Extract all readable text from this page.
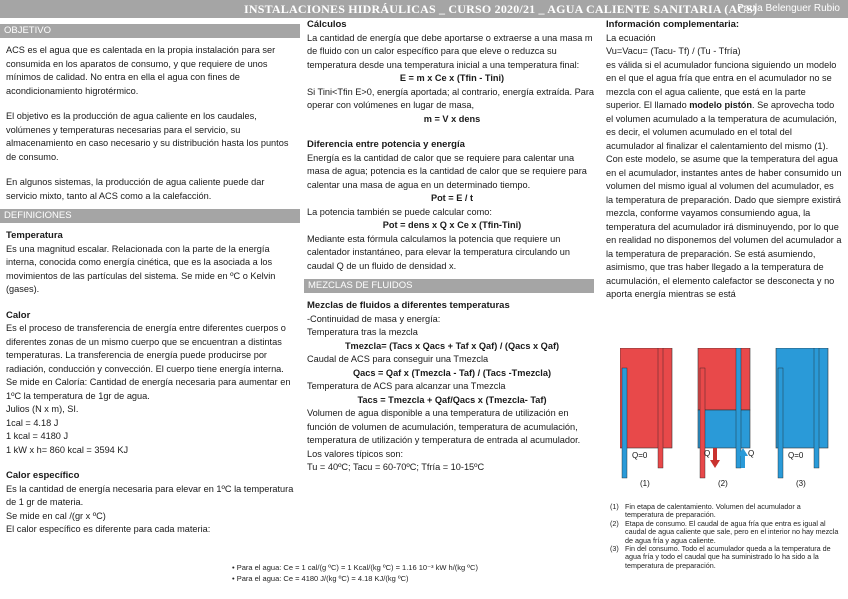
INSTALACIONES HIDRÁULICAS _ CURSO 2020/21 _ AGUA CALIENTE SANITARIA (ACS)
Paula Belenguer Rubio
OBJETIVO

ACS es el agua que es calentada en la propia instalación para ser consumida en los aparatos de consumo, y que requiere de unos mínimos de calidad. No entra en ella el agua con fines de acondicionamiento higrotérmico.

El objetivo es la producción de agua caliente en los caudales, volúmenes y temperaturas necesarias para el servicio, su almacenamiento en caso necesario y su distribución hasta los puntos de consumo.

En algunos sistemas, la producción de agua caliente puede dar servicio mixto, tanto al ACS como a la calefacción.

DEFINICIONES
Temperatura

Es una magnitud escalar. Relacionada con la parte de la energía interna, conocida como energía cinética, que es la asociada a los movimientos de las partículas del sistema. Se mide en ºC o Kelvin (gases).

Calor

Es el proceso de transferencia de energía entre diferentes cuerpos o diferentes zonas de un mismo cuerpo que se encuentran a distintas temperaturas. La transferencia de energía puede producirse por radiación, conducción y convección. El cuerpo tiene energía interna.

Se mide en Caloría: Cantidad de energía necesaria para aumentar en 1ºC la temperatura de 1gr de agua.

Julios (N x m), SI.

1cal = 4.18 J

1 kcal = 4180 J

1 kW x h= 860 kcal = 3594 KJ

Calor específico

Es la cantidad de energía necesaria para elevar en 1ºC la temperatura de 1 gr de materia.

Se mide en cal /(gr x ºC)

El calor específico es diferente para cada materia:

• Para el agua: Ce = 1 cal/(g ºC) = 1 Kcal/(kg ºC) = 1.16 10⁻³ kW h/(kg ºC)
• Para el agua: Ce = 4180 J/(kg ºC) = 4.18 KJ/(kg ºC)
Cálculos

La cantidad de energía que debe aportarse o extraerse a una masa m de fluido con un calor específico para que eleve o reduzca su temperatura desde una temperatura inicial a una temperatura final:

E = m x Ce x (Tfin - Tini)

Si Tini<Tfin E>0, energía aportada; al contrario, energía extraída. Para operar con volúmenes en lugar de masa,

m = V x dens

Diferencia entre potencia y energía

Energía es la cantidad de calor que se requiere para calentar una masa de agua; potencia es la cantidad de calor que se requiere para calentar una masa de agua en un determinado tiempo.

Pot = E / t

La potencia también se puede calcular como:

Pot = dens x Q x Ce x (Tfin-Tini)

Mediante esta fórmula calculamos la potencia que requiere un calentador instantáneo, para elevar la temperatura circulando un caudal Q de un fluido de densidad x.

MEZCLAS DE FLUIDOS
Mezclas de fluidos a diferentes temperaturas

-Continuidad de masa y energía:

Temperatura tras la mezcla

Tmezcla= (Tacs x Qacs + Taf x Qaf) / (Qacs x Qaf)

Caudal de ACS para conseguir una Tmezcla

Qacs = Qaf x (Tmezcla - Taf) / (Tacs -Tmezcla)

Temperatura de ACS para alcanzar una Tmezcla

Tacs = Tmezcla + Qaf/Qacs x (Tmezcla- Taf)

Volumen de agua disponible a una temperatura de utilización en función de volumen de acumulación, temperatura de acumulación, temperatura de utilización y temperatura de entrada al acumulador. Los valores típicos son:

Tu = 40ºC; Tacu = 60-70ºC; Tfría = 10-15ºC

Información complementaria:

La ecuación

Vu=Vacu= (Tacu- Tf) / (Tu - Tfría)

es válida si el acumulador funciona siguiendo un modelo en el que el agua fría que entra en el acumulador no se mezcla con el agua caliente, que está en la parte superior. El llamado modelo pistón. Se aprovecha todo el volumen acumulado a la temperatura de acumulación, es decir, el volumen acumulado en el total del acumulador al finalizar el calentamiento del mismo (1).

Con este modelo, se asume que la temperatura del agua en el acumulador, instantes antes de haber consumido un volumen del mismo igual al volumen del acumulador, es la temperatura de preparación. Dado que siempre existirá mezcla, conforme vayamos consumiendo agua, la temperatura del acumulador irá disminuyendo, por lo que en realidad no disponemos del volumen del acumulador a la temperatura de preparación. Se está asumiendo, asimismo, que tras haber llegado a la temperatura de acumulación, el elemento calefactor se desconecta y no aporta energía mientras se está

Q=0
(1)
Q	Q
(2)
Q=0
(3)
(1) Fin etapa de calentamiento. Volumen del acumulador a temperatura de preparación.
(2) Etapa de consumo. El caudal de agua fría que entra es igual al caudal de agua caliente que sale, pero en el interior no hay mezcla de agua fría y agua caliente.
(3) Fin del consumo. Todo el acumulador queda a la temperatura de agua fría y todo el caudal que ha suministrado lo ha sido a la temperatura de preparación.
